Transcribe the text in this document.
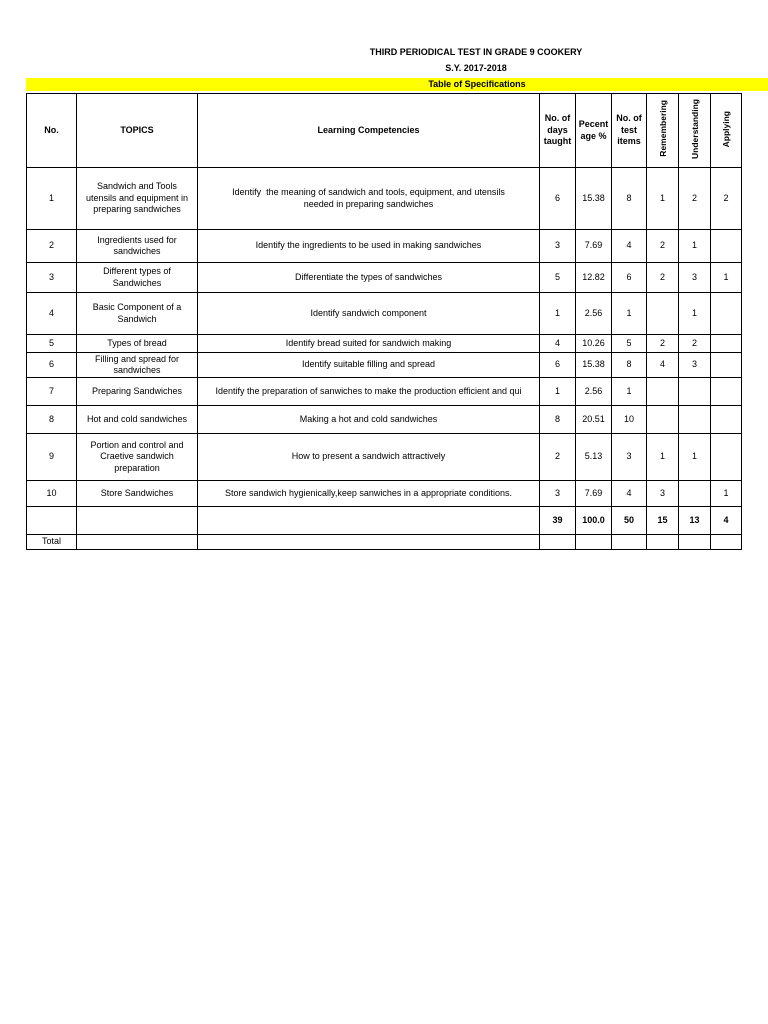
THIRD PERIODICAL TEST IN GRADE 9 COOKERY
S.Y. 2017-2018
Table of Specifications
No.	TOPICS	Learning Competencies	No. of
days
taught	Pecent
age %	No. of
test
items	Remembering	Understanding	Applying
1	Sandwich and Tools
utensils and equipment in
preparing sandwiches	Identify  the meaning of sandwich and tools, equipment, and utensils
needed in preparing sandwiches	6	15.38	8	1	2	2
2	Ingredients used for
sandwiches	Identify the ingredients to be used in making sandwiches	3	7.69	4	2	1	
3	Different types of
Sandwiches	Differentiate the types of sandwiches	5	12.82	6	2	3	1
4	Basic Component of a
Sandwich	Identify sandwich component	1	2.56	1		1	
5	Types of bread	Identify bread suited for sandwich making	4	10.26	5	2	2	
6	Filling and spread for
sandwiches	Identify suitable filling and spread	6	15.38	8	4	3	
7	Preparing Sandwiches	Identify the preparation of sanwiches to make the production efficient and qui	1	2.56	1			
8	Hot and cold sandwiches	Making a hot and cold sandwiches	8	20.51	10			
9	Portion and control and
Craetive sandwich
preparation	How to present a sandwich attractively	2	5.13	3	1	1	
10	Store Sandwiches	Store sandwich hygienically,keep sanwiches in a appropriate conditions.	3	7.69	4	3		1
			39	100.0	50	15	13	4
Total								
